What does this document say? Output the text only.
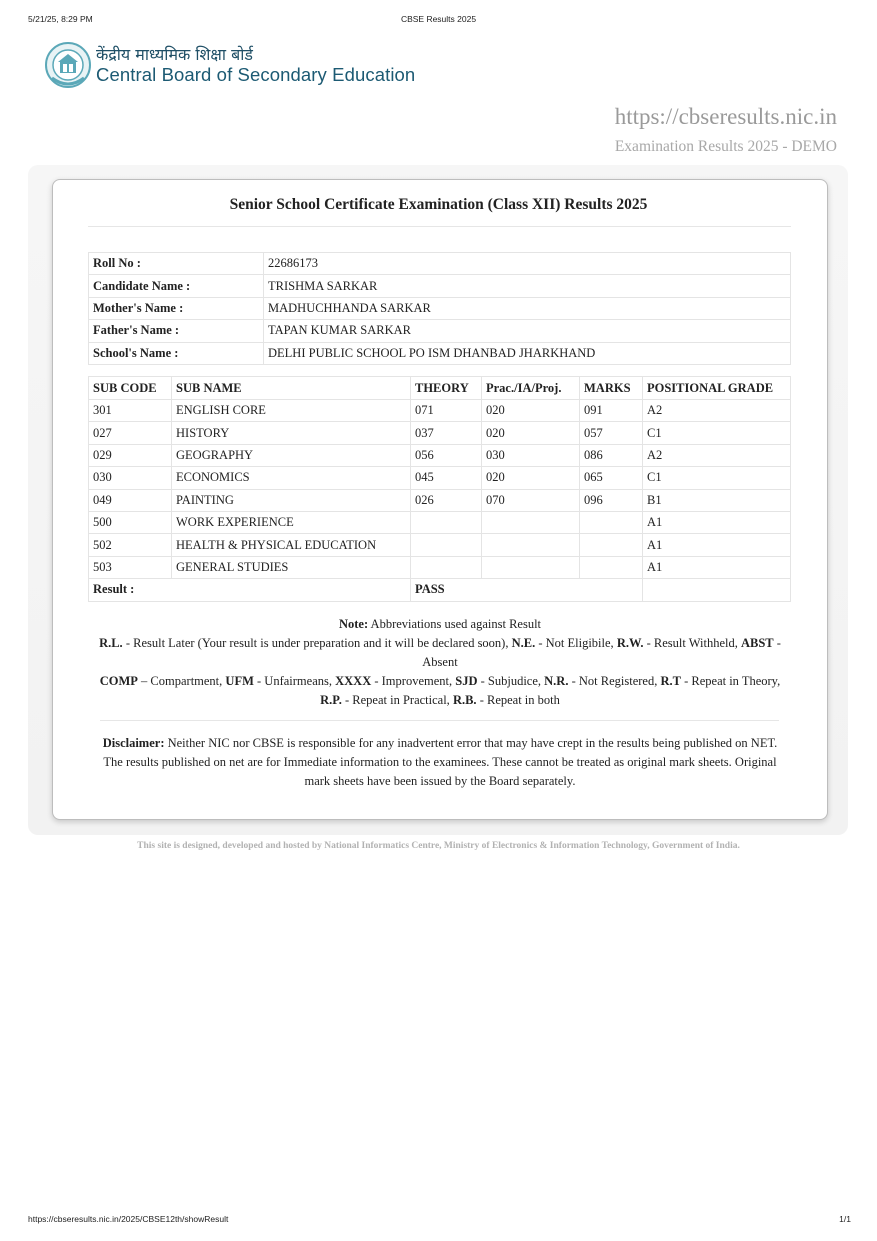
5/21/25, 8:29 PM	CBSE Results 2025
केंद्रीय माध्यमिक शिक्षा बोर्ड
Central Board of Secondary Education
https://cbseresults.nic.in
Examination Results 2025 - DEMO
Senior School Certificate Examination (Class XII) Results 2025
Roll No :	22686173
Candidate Name :	TRISHMA SARKAR
Mother's Name :	MADHUCHHANDA SARKAR
Father's Name :	TAPAN KUMAR SARKAR
School's Name :	DELHI PUBLIC SCHOOL PO ISM DHANBAD JHARKHAND
SUB CODE	SUB NAME	THEORY	Prac./IA/Proj.	MARKS	POSITIONAL GRADE
301	ENGLISH CORE	071	020	091	A2
027	HISTORY	037	020	057	C1
029	GEOGRAPHY	056	030	086	A2
030	ECONOMICS	045	020	065	C1
049	PAINTING	026	070	096	B1
500	WORK EXPERIENCE				A1
502	HEALTH & PHYSICAL EDUCATION				A1
503	GENERAL STUDIES				A1
Result :		PASS			
Note: Abbreviations used against Result
R.L. - Result Later (Your result is under preparation and it will be declared soon), N.E. - Not Eligibile, R.W. - Result Withheld, ABST - Absent
COMP – Compartment, UFM - Unfairmeans, XXXX - Improvement, SJD - Subjudice, N.R. - Not Registered, R.T - Repeat in Theory, R.P. - Repeat in Practical, R.B. - Repeat in both
Disclaimer: Neither NIC nor CBSE is responsible for any inadvertent error that may have crept in the results being published on NET. The results published on net are for Immediate information to the examinees. These cannot be treated as original mark sheets. Original mark sheets have been issued by the Board separately.
This site is designed, developed and hosted by National Informatics Centre, Ministry of Electronics & Information Technology, Government of India.
https://cbseresults.nic.in/2025/CBSE12th/showResult	1/1
